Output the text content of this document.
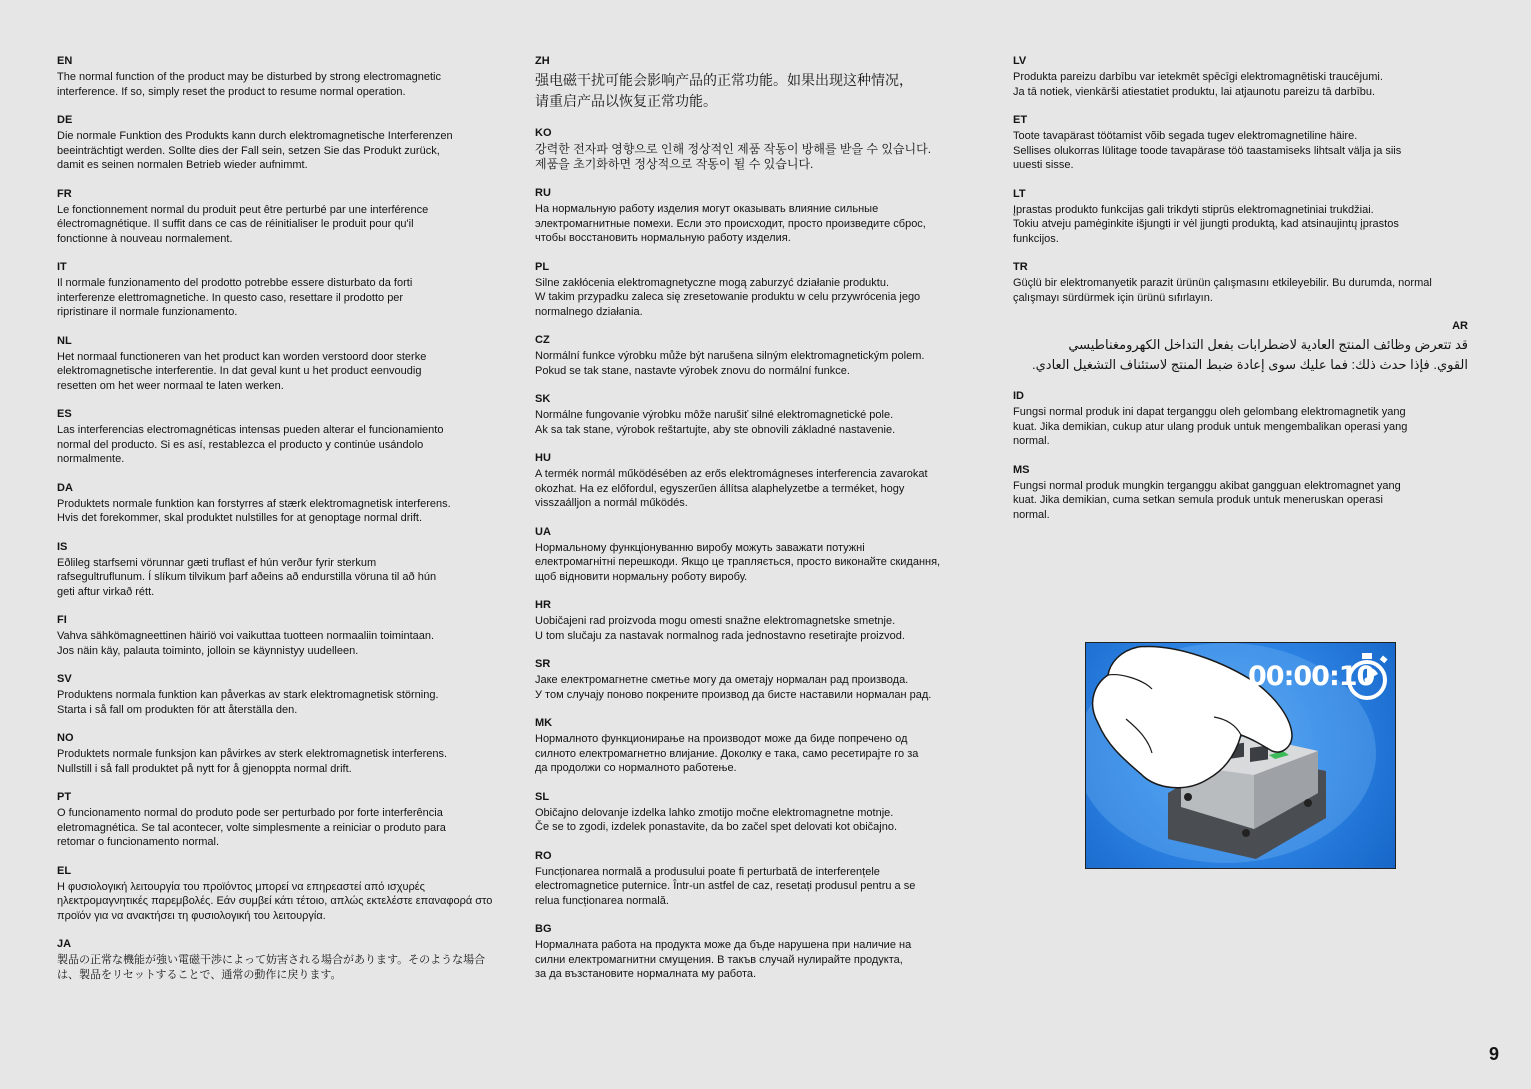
EN
The normal function of the product may be disturbed by strong electromagnetic
interference. If so, simply reset the product to resume normal operation.
DE
Die normale Funktion des Produkts kann durch elektromagnetische Interferenzen
beeinträchtigt werden. Sollte dies der Fall sein, setzen Sie das Produkt zurück,
damit es seinen normalen Betrieb wieder aufnimmt.
FR
Le fonctionnement normal du produit peut être perturbé par une interférence
électromagnétique. Il suffit dans ce cas de réinitialiser le produit pour qu'il
fonctionne à nouveau normalement.
IT
Il normale funzionamento del prodotto potrebbe essere disturbato da forti
interferenze elettromagnetiche. In questo caso, resettare il prodotto per
ripristinare il normale funzionamento.
NL
Het normaal functioneren van het product kan worden verstoord door sterke
elektromagnetische interferentie. In dat geval kunt u het product eenvoudig
resetten om het weer normaal te laten werken.
ES
Las interferencias electromagnéticas intensas pueden alterar el funcionamiento
normal del producto. Si es así, restablezca el producto y continúe usándolo
normalmente.
DA
Produktets normale funktion kan forstyrres af stærk elektromagnetisk interferens.
Hvis det forekommer, skal produktet nulstilles for at genoptage normal drift.
IS
Eðlileg starfsemi vörunnar gæti truflast ef hún verður fyrir sterkum
rafsegultruflunum. Í slíkum tilvikum þarf aðeins að endurstilla vöruna til að hún
geti aftur virkað rétt.
FI
Vahva sähkömagneettinen häiriö voi vaikuttaa tuotteen normaaliin toimintaan.
Jos näin käy, palauta toiminto, jolloin se käynnistyy uudelleen.
SV
Produktens normala funktion kan påverkas av stark elektromagnetisk störning.
Starta i så fall om produkten för att återställa den.
NO
Produktets normale funksjon kan påvirkes av sterk elektromagnetisk interferens.
Nullstill i så fall produktet på nytt for å gjenoppta normal drift.
PT
O funcionamento normal do produto pode ser perturbado por forte interferência
eletromagnética. Se tal acontecer, volte simplesmente a reiniciar o produto para
retomar o funcionamento normal.
EL
Η φυσιολογική λειτουργία του προϊόντος μπορεί να επηρεαστεί από ισχυρές
ηλεκτρομαγνητικές παρεμβολές. Εάν συμβεί κάτι τέτοιο, απλώς εκτελέστε επαναφορά στο
προϊόν για να ανακτήσει τη φυσιολογική του λειτουργία.
JA
製品の正常な機能が強い電磁干渉によって妨害される場合があります。そのような場合
は、製品をリセットすることで、通常の動作に戻ります。
ZH
强电磁干扰可能会影响产品的正常功能。如果出现这种情况，
请重启产品以恢复正常功能。
KO
강력한 전자파 영향으로 인해 정상적인 제품 작동이 방해를 받을 수 있습니다.
제품을 초기화하면 정상적으로 작동이 될 수 있습니다.
RU
На нормальную работу изделия могут оказывать влияние сильные
электромагнитные помехи. Если это происходит, просто произведите сброс,
чтобы восстановить нормальную работу изделия.
PL
Silne zakłócenia elektromagnetyczne mogą zaburzyć działanie produktu.
W takim przypadku zaleca się zresetowanie produktu w celu przywrócenia jego
normalnego działania.
CZ
Normální funkce výrobku může být narušena silným elektromagnetickým polem.
Pokud se tak stane, nastavte výrobek znovu do normální funkce.
SK
Normálne fungovanie výrobku môže narušiť silné elektromagnetické pole.
Ak sa tak stane, výrobok reštartujte, aby ste obnovili základné nastavenie.
HU
A termék normál működésében az erős elektromágneses interferencia zavarokat
okozhat. Ha ez előfordul, egyszerűen állítsa alaphelyzetbe a terméket, hogy
visszaálljon a normál működés.
UA
Нормальному функціонуванню виробу можуть заважати потужні
електромагнітні перешкоди. Якщо це трапляється, просто виконайте скидання,
щоб відновити нормальну роботу виробу.
HR
Uobičajeni rad proizvoda mogu omesti snažne elektromagnetske smetnje.
U tom slučaju za nastavak normalnog rada jednostavno resetirajte proizvod.
SR
Јаке електромагнетне сметње могу да ометају нормалан рад производа.
У том случају поново покрените производ да бисте наставили нормалан рад.
MK
Нормалното функционирање на производот може да биде попречено од
силното електромагнетно влијание. Доколку е така, само ресетирајте го за
да продолжи со нормалното работење.
SL
Običajno delovanje izdelka lahko zmotijo močne elektromagnetne motnje.
Če se to zgodi, izdelek ponastavite, da bo začel spet delovati kot običajno.
RO
Funcționarea normală a produsului poate fi perturbată de interferențele
electromagnetice puternice. Într-un astfel de caz, resetați produsul pentru a se
relua funcționarea normală.
BG
Нормалната работа на продукта може да бъде нарушена при наличие на
силни електромагнитни смущения. В такъв случай нулирайте продукта,
за да възстановите нормалната му работа.
LV
Produkta pareizu darbību var ietekmēt spēcīgi elektromagnētiski traucējumi.
Ja tā notiek, vienkārši atiestatiet produktu, lai atjaunotu pareizu tā darbību.
ET
Toote tavapärast töötamist võib segada tugev elektromagnetiline häire.
Sellises olukorras lülitage toode tavapärase töö taastamiseks lihtsalt välja ja siis
uuesti sisse.
LT
Įprastas produkto funkcijas gali trikdyti stiprūs elektromagnetiniai trukdžiai.
Tokiu atveju pamėginkite išjungti ir vėl įjungti produktą, kad atsinaujintų įprastos
funkcijos.
TR
Güçlü bir elektromanyetik parazit ürünün çalışmasını etkileyebilir. Bu durumda, normal
çalışmayı sürdürmek için ürünü sıfırlayın.
AR
قد تتعرض وظائف المنتج العادية لاضطرابات بفعل التداخل الكهرومغناطيسي
القوي. فإذا حدث ذلك: فما عليك سوى إعادة ضبط المنتج لاستئناف التشغيل العادي.
ID
Fungsi normal produk ini dapat terganggu oleh gelombang elektromagnetik yang
kuat. Jika demikian, cukup atur ulang produk untuk mengembalikan operasi yang
normal.
MS
Fungsi normal produk mungkin terganggu akibat gangguan elektromagnet yang
kuat. Jika demikian, cuma setkan semula produk untuk meneruskan operasi
normal.
00:00:10
9
